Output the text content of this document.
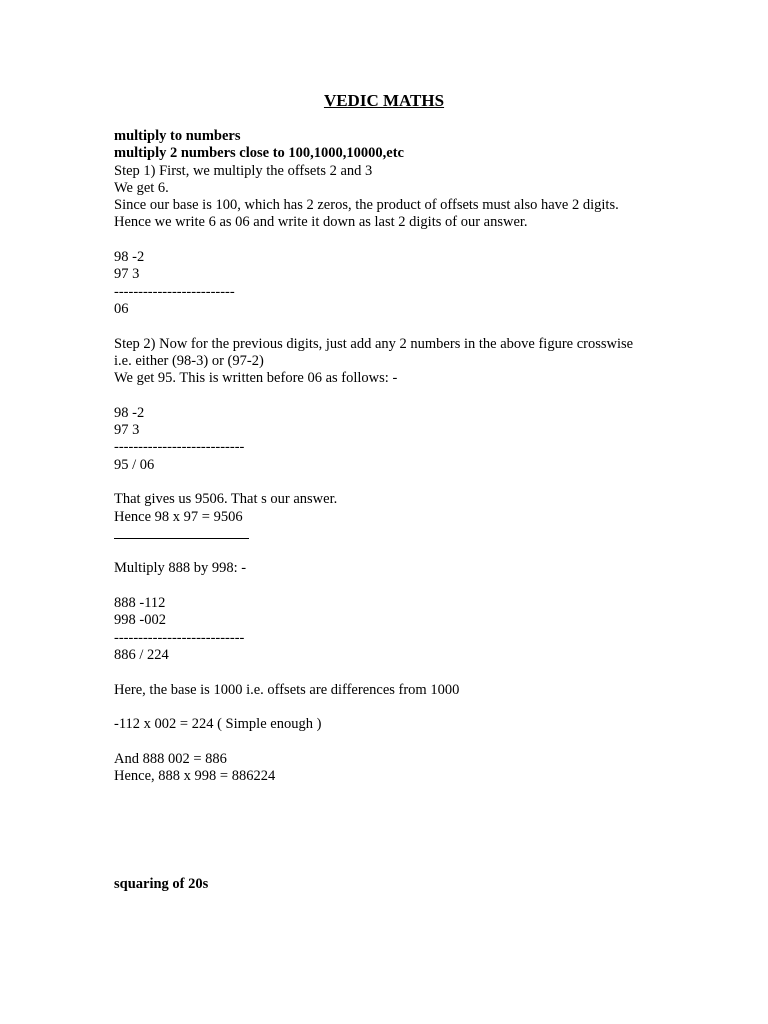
VEDIC MATHS
multiply to numbers
multiply 2 numbers close to 100,1000,10000,etc
Step 1) First, we multiply the offsets 2 and 3
We get 6.
Since our base is 100, which has 2 zeros, the product of offsets must also have 2 digits.
Hence we write 6 as 06 and write it down as last 2 digits of our answer.
98 -2
97 3
-------------------------
06
Step 2) Now for the previous digits, just add any 2 numbers in the above figure crosswise
i.e. either (98-3) or (97-2)
We get 95. This is written before 06 as follows: -
98 -2
97 3
---------------------------
95 / 06
That gives us 9506. That s our answer.
Hence 98 x 97 = 9506
Multiply 888 by 998: -
888 -112
998 -002
---------------------------
886 / 224
Here, the base is 1000 i.e. offsets are differences from 1000
-112 x 002 = 224 ( Simple enough )
And 888 002 = 886
Hence, 888 x 998 = 886224
squaring of 20s
